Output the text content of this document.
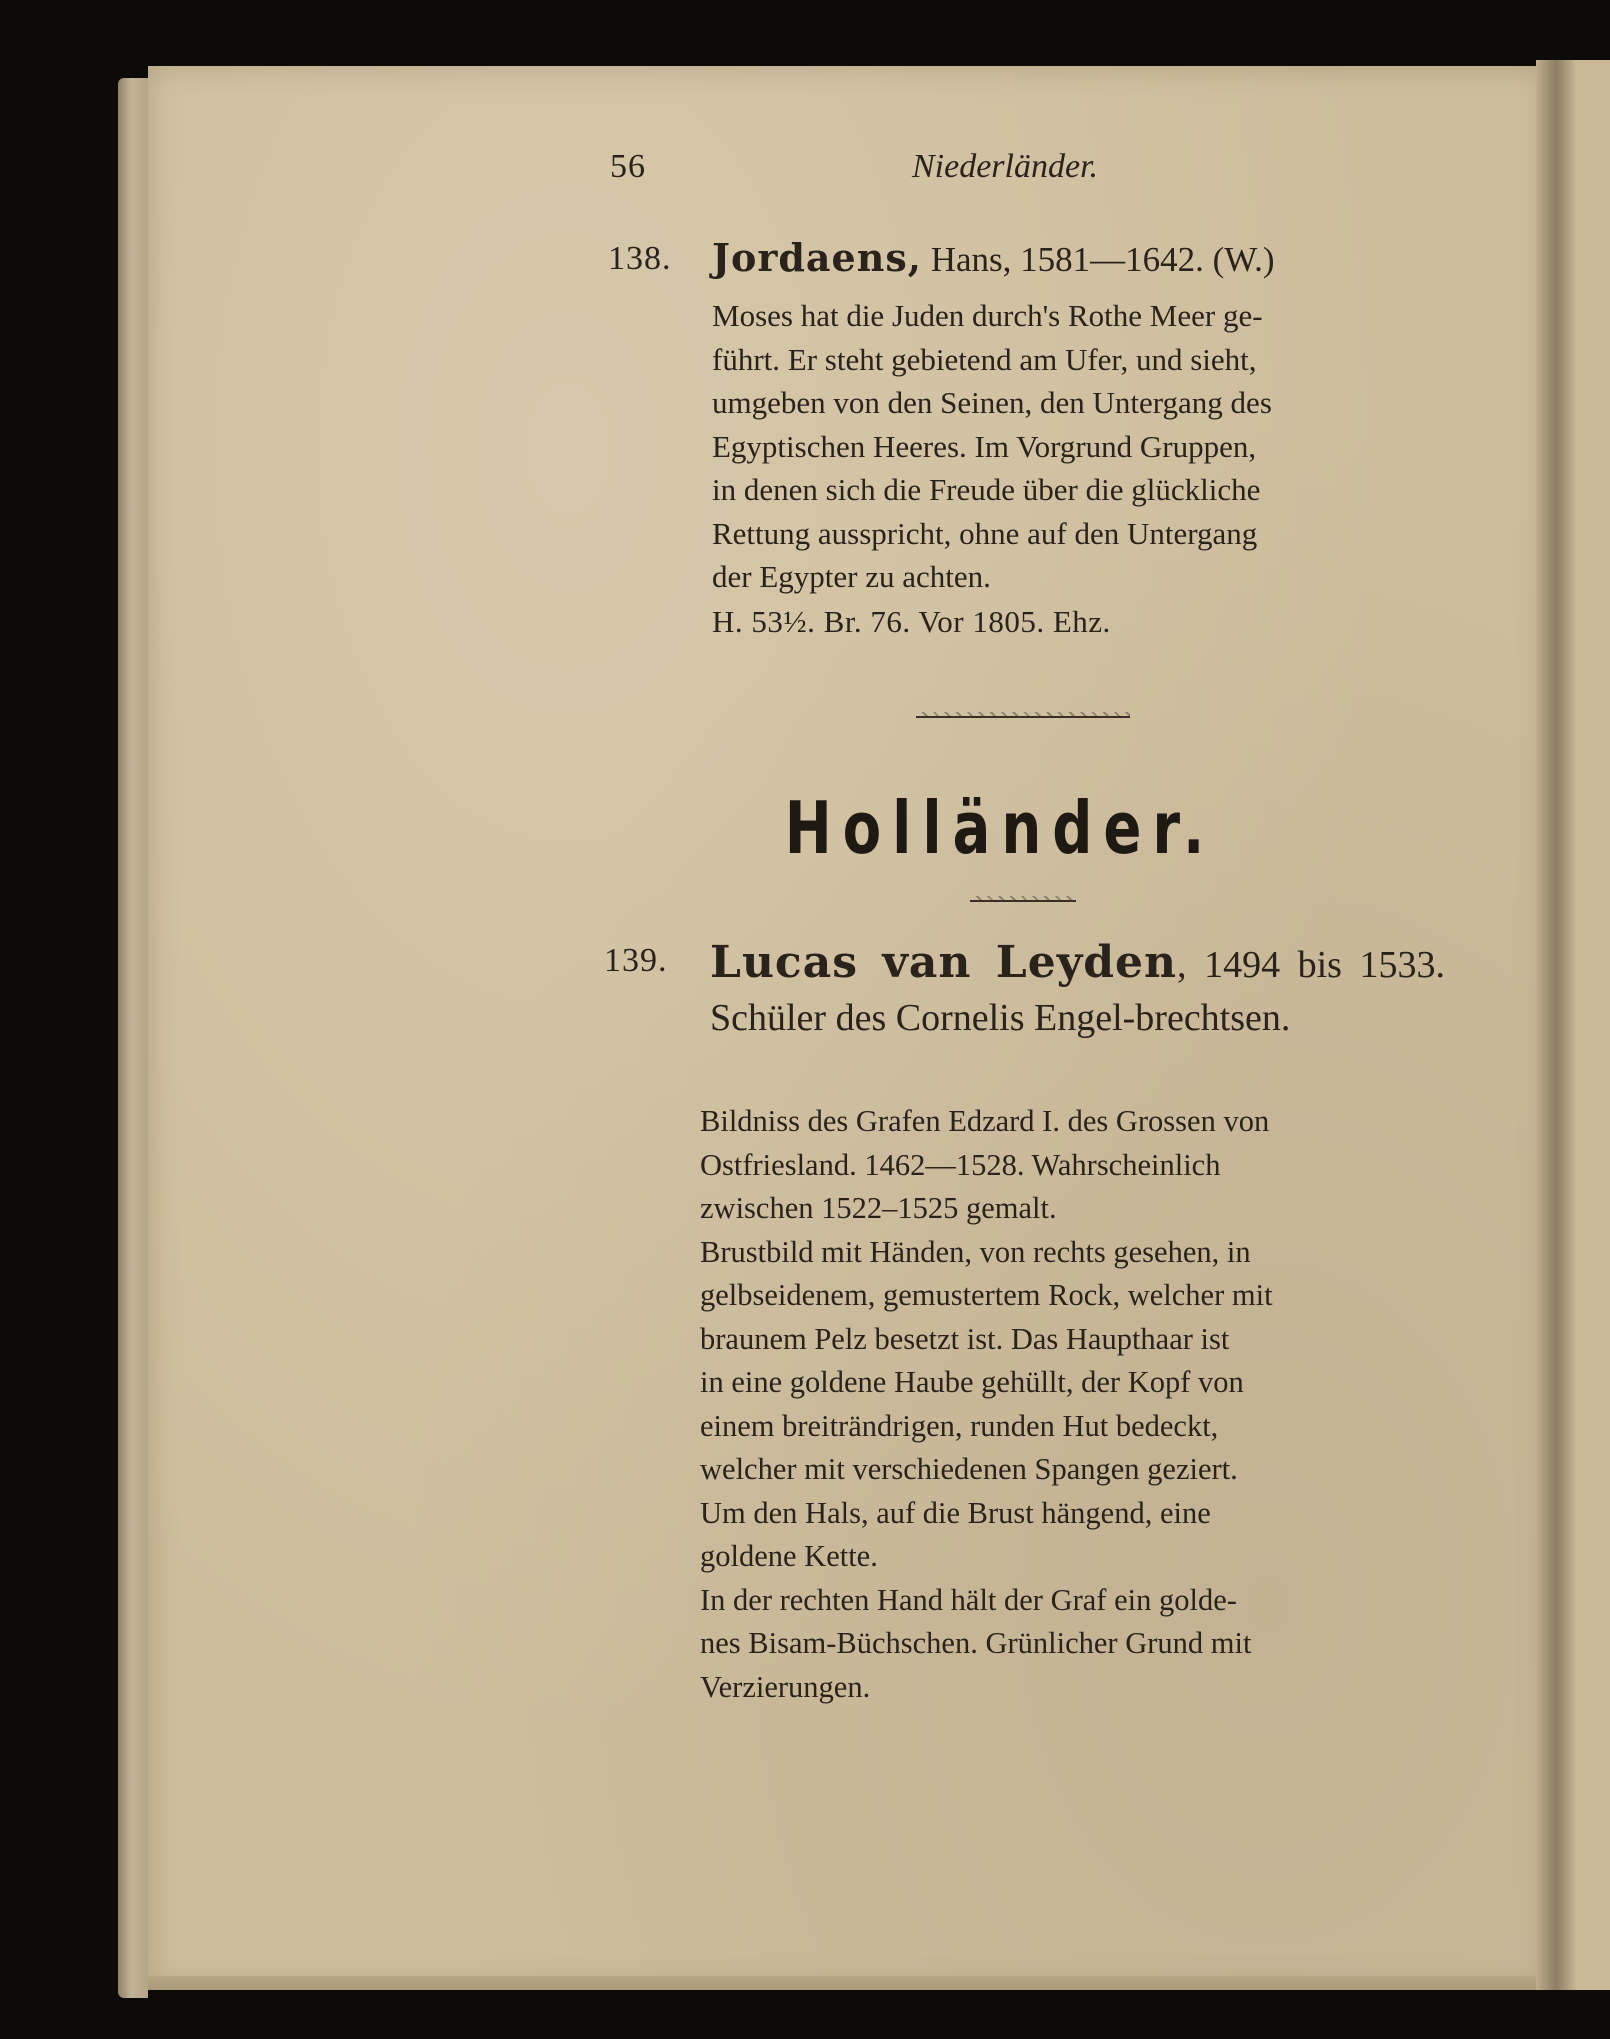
56	Niederländer.
138. Jordaens, Hans, 1581—1642. (W.)

Moses hat die Juden durch's Rothe Meer ge-

führt. Er steht gebietend am Ufer, und sieht,

umgeben von den Seinen, den Untergang des

Egyptischen Heeres. Im Vorgrund Gruppen,

in denen sich die Freude über die glückliche

Rettung ausspricht, ohne auf den Untergang

der Egypter zu achten.

H. 53½. Br. 76. Vor 1805. Ehz.
Holländer.
139. Lucas van Leyden, 1494 bis 1533. Schüler des Cornelis Engel-brechtsen.

Bildniss des Grafen Edzard I. des Grossen von

Ostfriesland. 1462—1528. Wahrscheinlich

zwischen 1522–1525 gemalt.

Brustbild mit Händen, von rechts gesehen, in

gelbseidenem, gemustertem Rock, welcher mit

braunem Pelz besetzt ist. Das Haupthaar ist

in eine goldene Haube gehüllt, der Kopf von

einem breiträndrigen, runden Hut bedeckt,

welcher mit verschiedenen Spangen geziert.

Um den Hals, auf die Brust hängend, eine

goldene Kette.

In der rechten Hand hält der Graf ein golde-

nes Bisam-Büchschen. Grünlicher Grund mit

Verzierungen.
